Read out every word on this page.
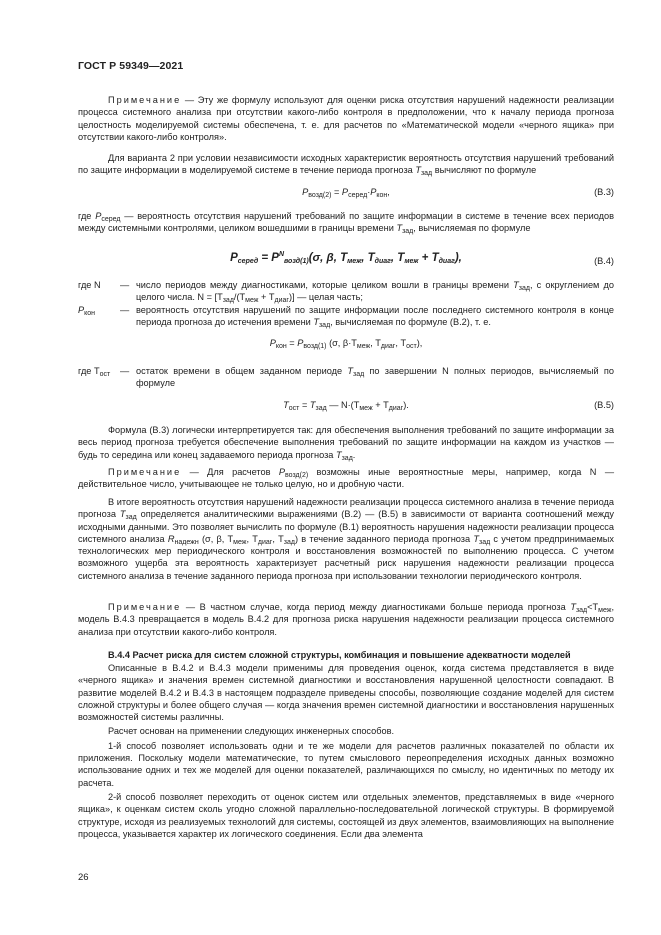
ГОСТ Р 59349—2021

Примечание — Эту же формулу используют для оценки риска отсутствия нарушений надежности реализации процесса системного анализа при отсутствии какого-либо контроля в предположении, что к началу периода прогноза целостность моделируемой системы обеспечена, т. е. для расчетов по «Математической модели «черного ящика» при отсутствии какого-либо контроля».

Для варианта 2 при условии независимости исходных характеристик вероятность отсутствия нарушений требований по защите информации в моделируемой системе в течение периода прогноза $T_{зад}$ вычисляют по формуле

$P_{возд(2)} = P_{серед}\cdot P_{кон}$,	(В.3)

где $P_{серед}$ — вероятность отсутствия нарушений требований по защите информации в системе в течение всех периодов между системными контролями, целиком вошедшими в границы времени $T_{зад}$, вычисляемая по формуле

$P_{серед} = P^N_{возд(1)}(\sigma$, β, $T_{меж}$, $T_{диаг}$, $T_{меж} + T_{диаг}$),	(В.4)
где N	— число периодов между диагностиками, которые целиком вошли в границы времени $T_{зад}$, с округлением до целого числа. $N = [T_{зад}/(T_{меж} + T_{диаг})]$ — целая часть;
$P_{кон}$	— вероятность отсутствия нарушений по защите информации после последнего системного контроля в конце периода прогноза до истечения времени $T_{зад}$, вычисляемая по формуле (В.2), т. е.
$P_{кон} = P_{возд(1)}$ (σ, $\beta\cdot T_{меж}$, $T_{диаг}$, $T_{ост}$),
где $T_{ост}$	— остаток времени в общем заданном периоде $T_{зад}$ по завершении N полных периодов, вычисляемый по формуле
$T_{ост} = T_{зад}$ — $N\cdot(T_{меж} + T_{диаг})$.	(В.5)

Формула (В.3) логически интерпретируется так: для обеспечения выполнения требований по защите информации за весь период прогноза требуется обеспечение выполнения требований по защите информации на каждом из участков — будь то середина или конец задаваемого периода прогноза $T_{зад}$.

Примечание — Для расчетов $P_{возд(2)}$ возможны иные вероятностные меры, например, когда N — действительное число, учитывающее не только целую, но и дробную части.

В итоге вероятность отсутствия нарушений надежности реализации процесса системного анализа в течение периода прогноза $T_{зад}$ определяется аналитическими выражениями (В.2) — (В.5) в зависимости от варианта соотношений между исходными данными. Это позволяет вычислить по формуле (В.1) вероятность нарушения надежности реализации процесса системного анализа $R_{надежн}$ (σ, β, $T_{меж}$, $T_{диаг}$, $T_{зад}$) в течение заданного периода прогноза $T_{зад}$ с учетом предпринимаемых технологических мер периодического контроля и восстановления возможностей по выполнению процесса. С учетом возможного ущерба эта вероятность характеризует расчетный риск нарушения надежности реализации процесса системного анализа в течение заданного периода прогноза при использовании технологии периодического контроля.

Примечание — В частном случае, когда период между диагностиками больше периода прогноза $T_{зад}<T_{меж}$, модель В.4.3 превращается в модель В.4.2 для прогноза риска нарушения надежности реализации процесса системного анализа при отсутствии какого-либо контроля.

В.4.4 Расчет риска для систем сложной структуры, комбинация и повышение адекватности моделей

Описанные в В.4.2 и В.4.3 модели применимы для проведения оценок, когда система представляется в виде «черного ящика» и значения времен системной диагностики и восстановления нарушенной целостности совпадают. В развитие моделей В.4.2 и В.4.3 в настоящем подразделе приведены способы, позволяющие создание моделей для систем сложной структуры и более общего случая — когда значения времен системной диагностики и восстановления нарушенных возможностей системы различны.

Расчет основан на применении следующих инженерных способов.

1-й способ позволяет использовать одни и те же модели для расчетов различных показателей по области их приложения. Поскольку модели математические, то путем смыслового переопределения исходных данных возможно использование одних и тех же моделей для оценки показателей, различающихся по смыслу, но идентичных по методу их расчета.

2-й способ позволяет переходить от оценок систем или отдельных элементов, представляемых в виде «черного ящика», к оценкам систем сколь угодно сложной параллельно-последовательной логической структуры. В формируемой структуре, исходя из реализуемых технологий для системы, состоящей из двух элементов, взаимовлияющих на выполнение процесса, указывается характер их логического соединения. Если два элемента

26
